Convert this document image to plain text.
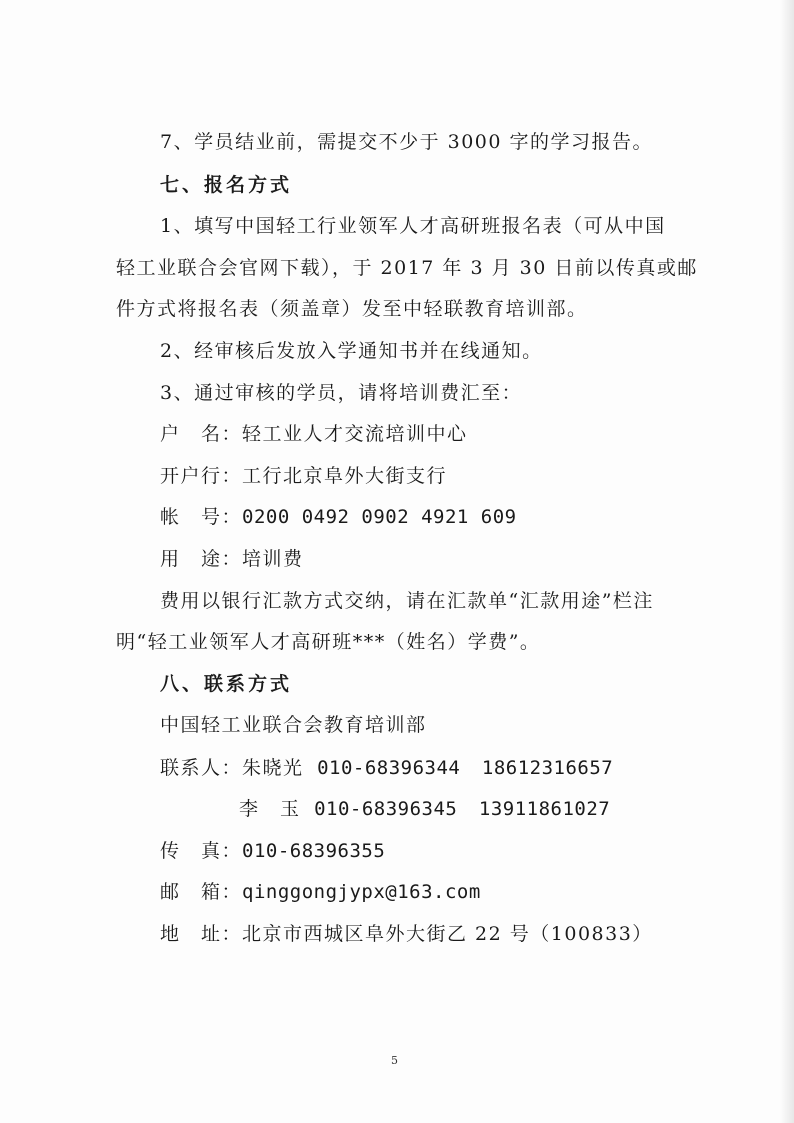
7、学员结业前，需提交不少于 3000 字的学习报告。
七、报名方式
1、填写中国轻工行业领军人才高研班报名表（可从中国
轻工业联合会官网下载），于 2017 年 3 月 30 日前以传真或邮
件方式将报名表（须盖章）发至中轻联教育培训部。
2、经审核后发放入学通知书并在线通知。
3、通过审核的学员，请将培训费汇至：
户　名：轻工业人才交流培训中心
开户行：工行北京阜外大街支行
帐　号：0200 0492 0902 4921 609
用　途：培训费
费用以银行汇款方式交纳，请在汇款单“汇款用途”栏注
明“轻工业领军人才高研班***（姓名）学费”。
八、联系方式
中国轻工业联合会教育培训部
联系人：朱晓光 010-68396344 18612316657
李　玉 010-68396345 13911861027
传　真：010-68396355
邮　箱：qinggongjypx@163.com
地　址：北京市西城区阜外大街乙 22 号（100833）
5
